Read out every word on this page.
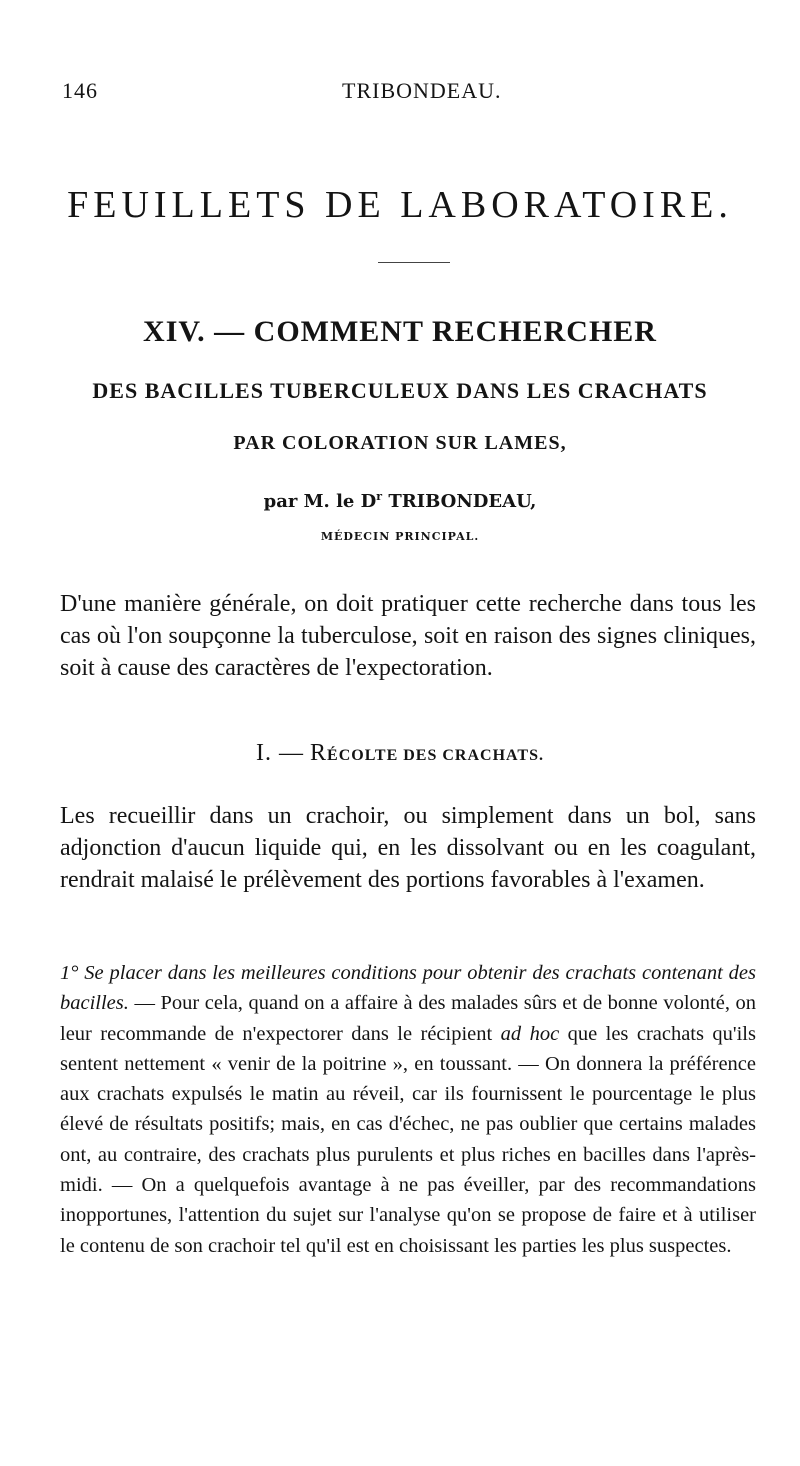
146	TRIBONDEAU.
FEUILLETS DE LABORATOIRE.
XIV. — COMMENT RECHERCHER
DES BACILLES TUBERCULEUX DANS LES CRACHATS
PAR COLORATION SUR LAMES,
par M. le $D^r$ TRIBONDEAU,
MÉDECIN PRINCIPAL.
D'une manière générale, on doit pratiquer cette recherche dans tous les cas où l'on soupçonne la tuberculose, soit en raison des signes cliniques, soit à cause des caractères de l'expectoration.
I. — RÉCOLTE DES CRACHATS.
Les recueillir dans un crachoir, ou simplement dans un bol, sans adjonction d'aucun liquide qui, en les dissolvant ou en les coagulant, rendrait malaisé le prélèvement des portions favorables à l'examen.
1° Se placer dans les meilleures conditions pour obtenir des crachats contenant des bacilles. — Pour cela, quand on a affaire à des malades sûrs et de bonne volonté, on leur recommande de n'expectorer dans le récipient ad hoc que les crachats qu'ils sentent nettement « venir de la poitrine », en toussant. — On donnera la préférence aux crachats expulsés le matin au réveil, car ils fournissent le pourcentage le plus élevé de résultats positifs; mais, en cas d'échec, ne pas oublier que certains malades ont, au contraire, des crachats plus purulents et plus riches en bacilles dans l'après-midi. — On a quelquefois avantage à ne pas éveiller, par des recommandations inopportunes, l'attention du sujet sur l'analyse qu'on se propose de faire et à utiliser le contenu de son crachoir tel qu'il est en choisissant les parties les plus suspectes.
